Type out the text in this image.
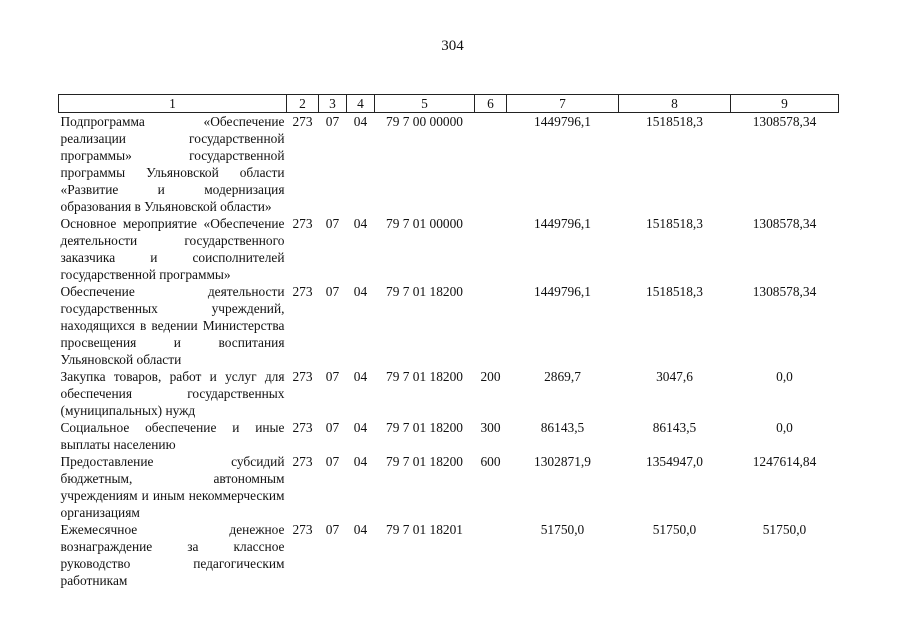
304
1	2	3	4	5	6	7	8	9
Подпрограмма «Обеспечение реализации государственной программы» государственной программы Ульяновской области «Развитие и модернизация образования в Ульяновской области»	273	07	04	79 7 00 00000		1449796,1	1518518,3	1308578,34
Основное мероприятие «Обеспечение деятельности государственного заказчика и соисполнителей государственной программы»	273	07	04	79 7 01 00000		1449796,1	1518518,3	1308578,34
Обеспечение деятельности государственных учреждений, находящихся в ведении Министерства просвещения и воспитания Ульяновской области	273	07	04	79 7 01 18200		1449796,1	1518518,3	1308578,34
Закупка товаров, работ и услуг для обеспечения государственных (муниципальных) нужд	273	07	04	79 7 01 18200	200	2869,7	3047,6	0,0
Социальное обеспечение и иные выплаты населению	273	07	04	79 7 01 18200	300	86143,5	86143,5	0,0
Предоставление субсидий бюджетным, автономным учреждениям и иным некоммерческим организациям	273	07	04	79 7 01 18200	600	1302871,9	1354947,0	1247614,84
Ежемесячное денежное вознаграждение за классное руководство педагогическим работникам	273	07	04	79 7 01 18201		51750,0	51750,0	51750,0
